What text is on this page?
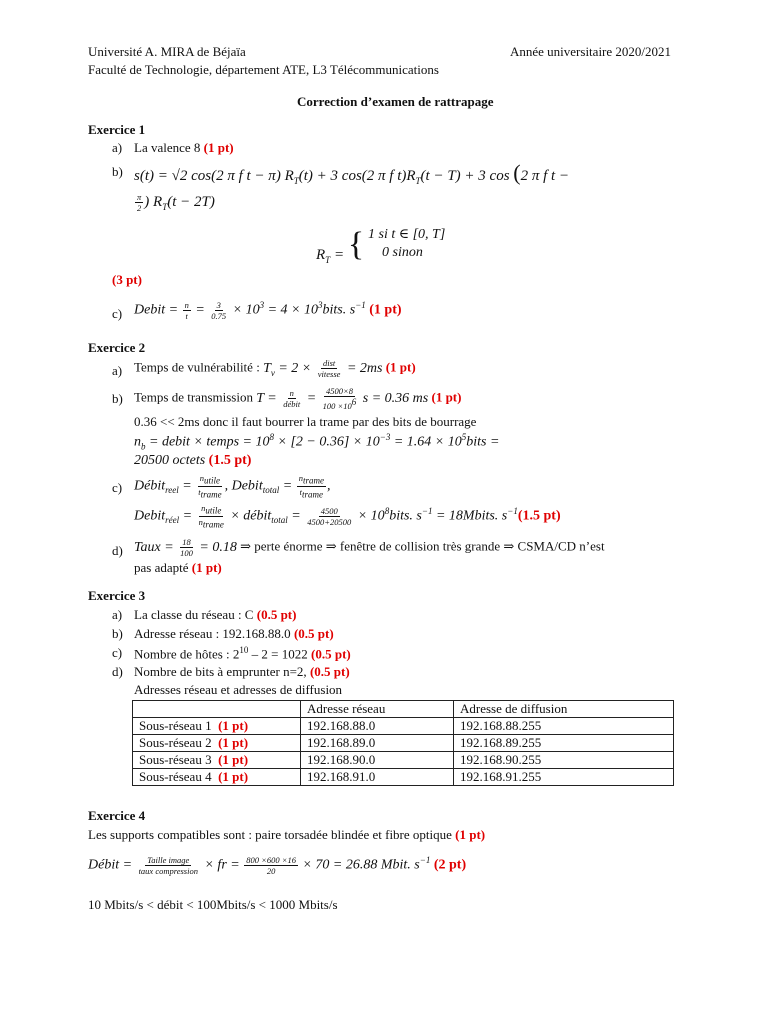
Université A. MIRA de Béjaïa	Année universitaire 2020/2021
Faculté de Technologie, département ATE, L3 Télécommunications
Correction d’examen de rattrapage
Exercice 1
a) La valence 8 (1 pt)
b) s(t) = √2 cos(2 π f t − π) $R_T(t) + 3$ cos(2 π f $t)R_T(t - T) + 3$ cos (2 π f t −
$\frac{\pi}{2}$ ) $R_T(t - 2T)$
$R_T$ = { 1 si t ∈ [0, T]
0 sinon
(3 pt)
c) Debit = $\frac{n}{t} = \frac{3}{0.75} \times 10^3 = 4$ × $10^3bits$. $s^{-1}$ (1 pt)
Exercice 2
a) Temps de vulnérabilité : $T_v = 2 \times \frac{\text{dist}}{\text{vitesse}} = 2ms$ (1 pt)
b) Temps de transmission $T = \frac{n}{\text{débit}} = \frac{4500\times 8}{100 \times 10^6}$ s = 0.36 ms (1 pt)
0.36 << 2ms donc il faut bourrer la trame par des bits de bourrage
$n_b$ = debit × temps = $10^8 \times [2 - 0.36] \times 10^{-3} = 1.64$ × $10^5bits$ =
20500 octets (1.5 pt)
c) Débit$_{reel}$ = $\frac{n_{utile}}{t_{trame}}$ , Debit$_{total}$ = $\frac{n_{trame}}{t_{trame}}$ ,
Debit$_{réel}$ = $\frac{n_{utile}}{n_{trame}}$ × débit$_{total}$ = $\frac{4500}{4500+20500}$ × $10^8bits$. $s^{-1}$ = 18Mbits. $s^{-1}(1.5$ pt)
d) Taux = $\frac{18}{100} = 0.18$ ⇒ perte énorme ⇒ fenêtre de collision très grande ⇒ CSMA/CD n’est
pas adapté (1 pt)
Exercice 3
a) La classe du réseau : C (0.5 pt)
b) Adresse réseau : 192.168.88.0 (0.5 pt)
c) Nombre de hôtes : $2^{10} - 2 = 1022$ (0.5 pt)
d) Nombre de bits à emprunter n=2, (0.5 pt)
Adresses réseau et adresses de diffusion
	Adresse réseau	Adresse de diffusion
Sous-réseau 1 (1 pt)	192.168.88.0	192.168.88.255
Sous-réseau 2 (1 pt)	192.168.89.0	192.168.89.255
Sous-réseau 3 (1 pt)	192.168.90.0	192.168.90.255
Sous-réseau 4 (1 pt)	192.168.91.0	192.168.91.255
Exercice 4
Les supports compatibles sont : paire torsadée blindée et fibre optique (1 pt)
Débit = $\frac{\text{Taille image}}{\text{taux compression}}$ × fr = $\frac{800 \times 600 \times 16}{20} \times 70 = 26.88$ Mbit. $s^{-1}$ (2 pt)
10 Mbits/s < débit < 100Mbits/s < 1000 Mbits/s
